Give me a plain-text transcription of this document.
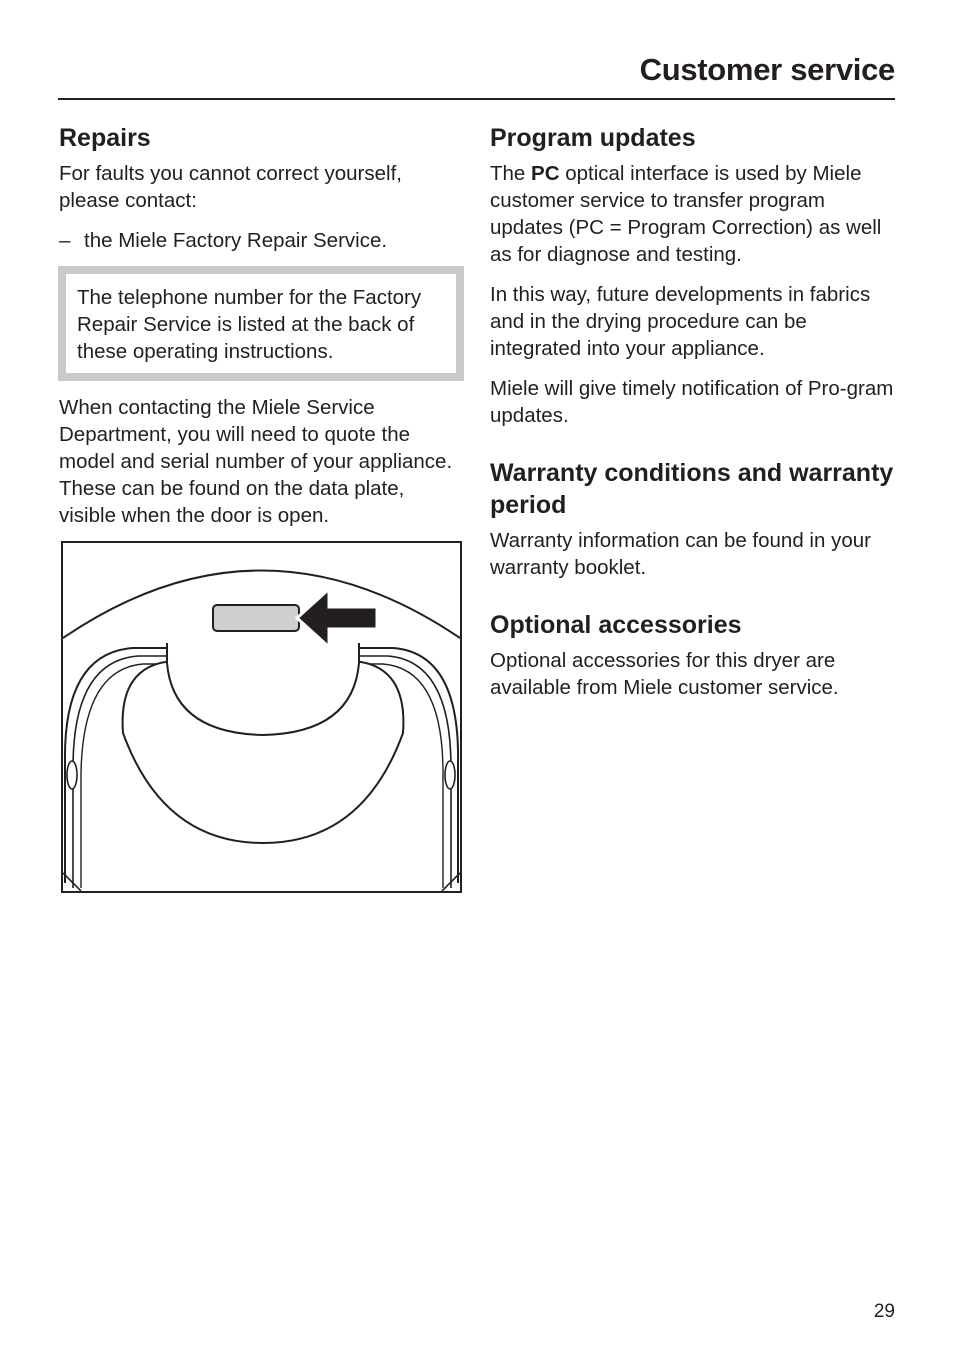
Customer service
Repairs

For faults you cannot correct yourself, please contact:

– the Miele Factory Repair Service.

The telephone number for the Factory Repair Service is listed at the back of these operating instructions.

When contacting the Miele Service Department, you will need to quote the model and serial number of your appliance.

These can be found on the data plate, visible when the door is open.

Program updates

The PC optical interface is used by Miele customer service to transfer program updates (PC = Program Correction) as well as for diagnose and testing.

In this way, future developments in fabrics and in the drying procedure can be integrated into your appliance.

Miele will give timely notification of Pro-gram updates.

Warranty conditions and warranty period

Warranty information can be found in your warranty booklet.

Optional accessories

Optional accessories for this dryer are available from Miele customer service.

29
